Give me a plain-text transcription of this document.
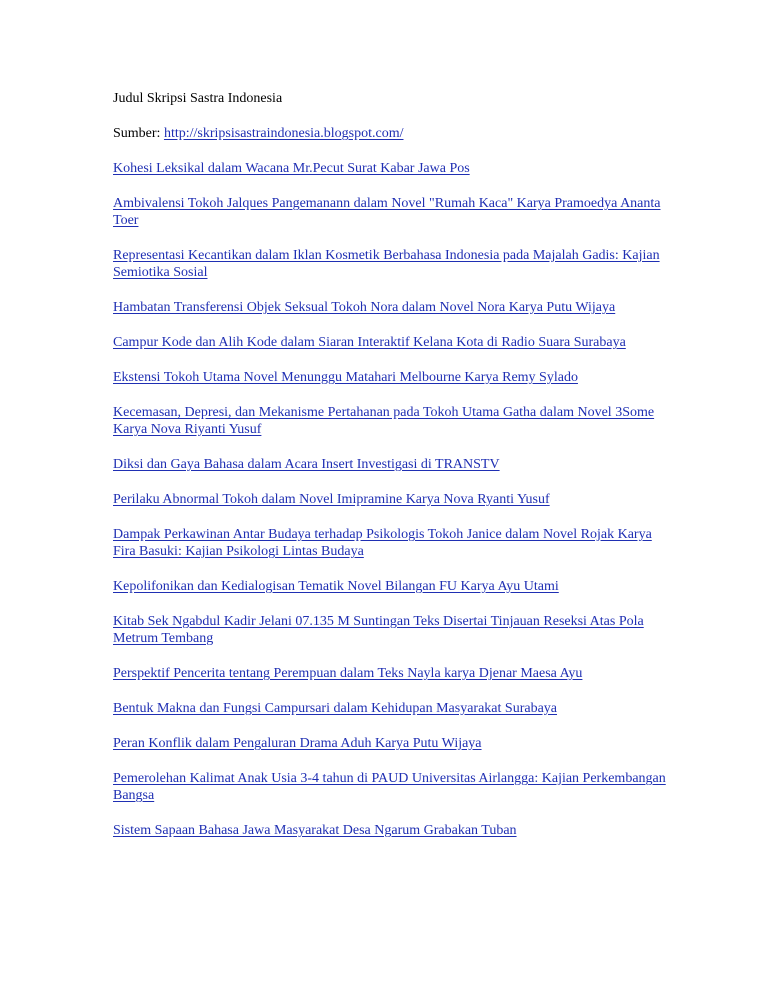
Judul Skripsi Sastra Indonesia

Sumber: http://skripsisastraindonesia.blogspot.com/

Kohesi Leksikal dalam Wacana Mr.Pecut Surat Kabar Jawa Pos

Ambivalensi Tokoh Jalques Pangemanann dalam Novel "Rumah Kaca" Karya Pramoedya Ananta Toer

Representasi Kecantikan dalam Iklan Kosmetik Berbahasa Indonesia pada Majalah Gadis: Kajian Semiotika Sosial

Hambatan Transferensi Objek Seksual Tokoh Nora dalam Novel Nora Karya Putu Wijaya

Campur Kode dan Alih Kode dalam Siaran Interaktif Kelana Kota di Radio Suara Surabaya

Ekstensi Tokoh Utama Novel Menunggu Matahari Melbourne Karya Remy Sylado

Kecemasan, Depresi, dan Mekanisme Pertahanan pada Tokoh Utama Gatha dalam Novel 3Some Karya Nova Riyanti Yusuf

Diksi dan Gaya Bahasa dalam Acara Insert Investigasi di TRANSTV

Perilaku Abnormal Tokoh dalam Novel Imipramine Karya Nova Ryanti Yusuf

Dampak Perkawinan Antar Budaya terhadap Psikologis Tokoh Janice dalam Novel Rojak Karya Fira Basuki: Kajian Psikologi Lintas Budaya

Kepolifonikan dan Kedialogisan Tematik Novel Bilangan FU Karya Ayu Utami

Kitab Sek Ngabdul Kadir Jelani 07.135 M Suntingan Teks Disertai Tinjauan Reseksi Atas Pola Metrum Tembang

Perspektif Pencerita tentang Perempuan dalam Teks Nayla karya Djenar Maesa Ayu

Bentuk Makna dan Fungsi Campursari dalam Kehidupan Masyarakat Surabaya

Peran Konflik dalam Pengaluran Drama Aduh Karya Putu Wijaya

Pemerolehan Kalimat Anak Usia 3-4 tahun di PAUD Universitas Airlangga: Kajian Perkembangan Bangsa

Sistem Sapaan Bahasa Jawa Masyarakat Desa Ngarum Grabakan Tuban
